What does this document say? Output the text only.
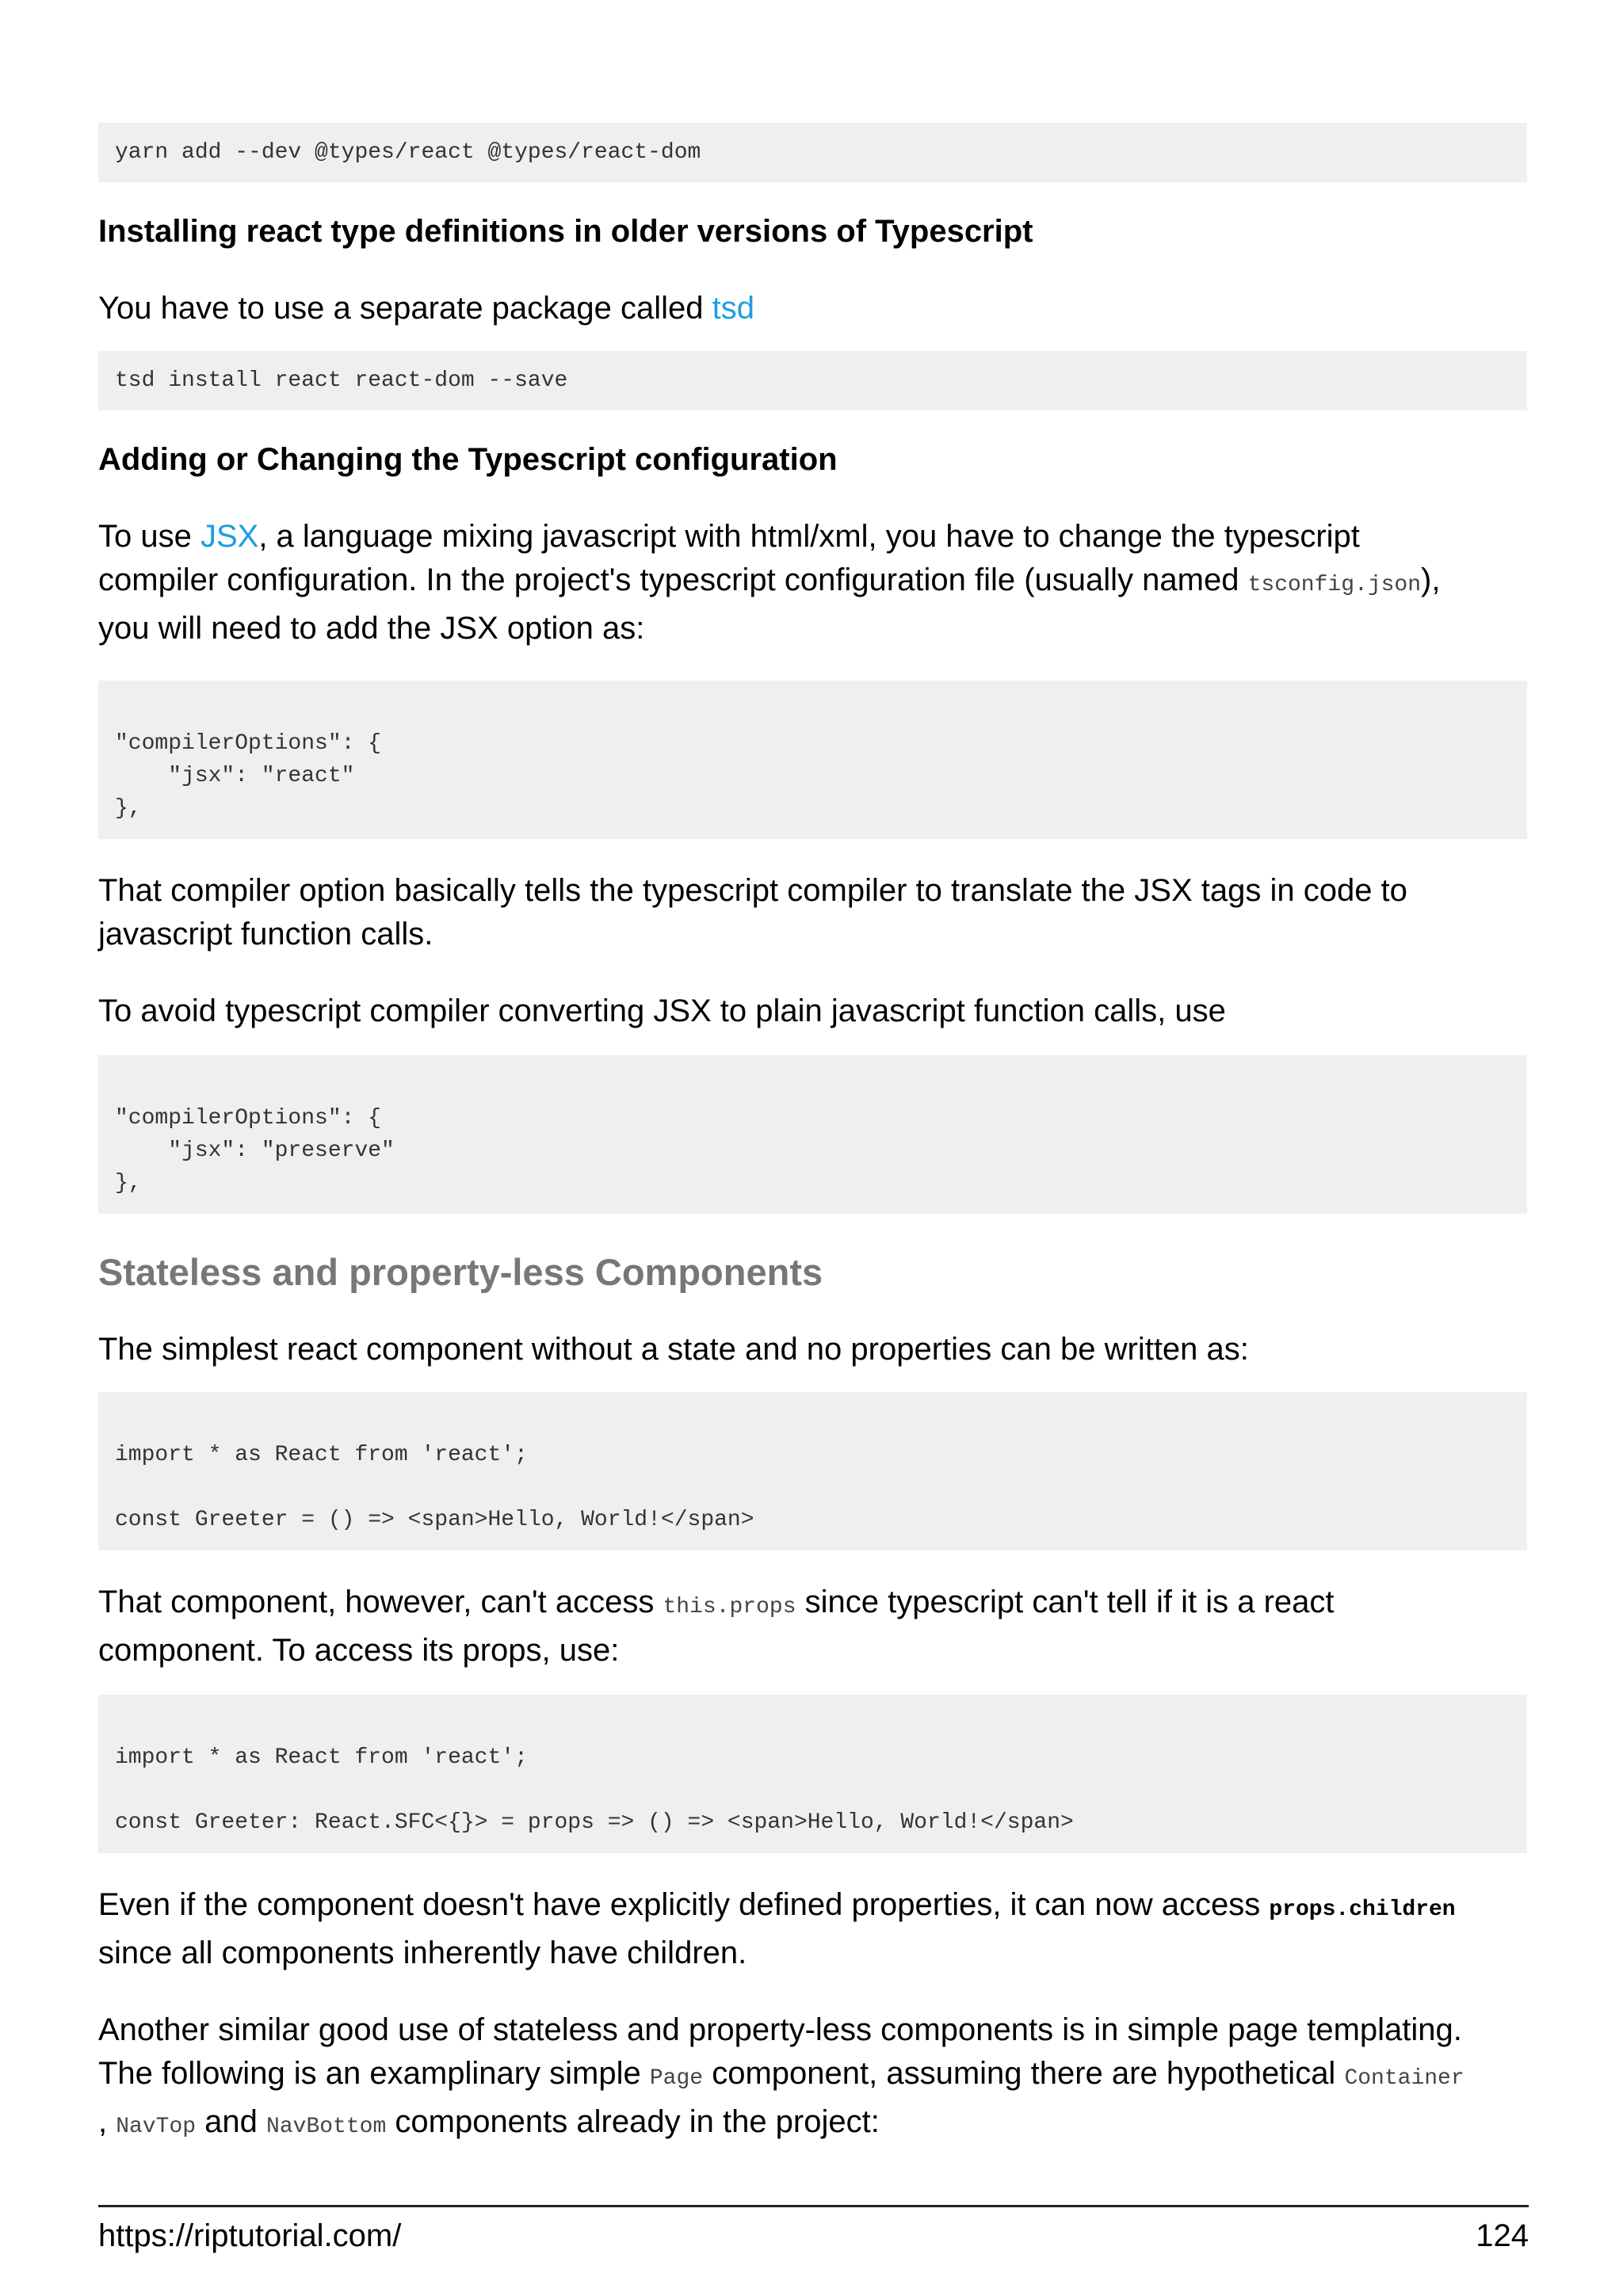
yarn add --dev @types/react @types/react-dom

Installing react type definitions in older versions of Typescript

You have to use a separate package called tsd

tsd install react react-dom --save

Adding or Changing the Typescript configuration

To use JSX, a language mixing javascript with html/xml, you have to change the typescript
compiler configuration. In the project's typescript configuration file (usually named tsconfig.json),
you will need to add the JSX option as:

"compilerOptions": {
"jsx": "react"
},

That compiler option basically tells the typescript compiler to translate the JSX tags in code to
javascript function calls.

To avoid typescript compiler converting JSX to plain javascript function calls, use

"compilerOptions": {
"jsx": "preserve"
},

Stateless and property-less Components

The simplest react component without a state and no properties can be written as:

import * as React from 'react';
const Greeter = () => <span>Hello, World!</span>

That component, however, can't access this.props since typescript can't tell if it is a react
component. To access its props, use:

import * as React from 'react';
const Greeter: React.SFC<{}> = props => () => <span>Hello, World!</span>

Even if the component doesn't have explicitly defined properties, it can now access props.children
since all components inherently have children.

Another similar good use of stateless and property-less components is in simple page templating.
The following is an examplinary simple Page component, assuming there are hypothetical Container
, NavTop and NavBottom components already in the project:

https://riptutorial.com/	124
